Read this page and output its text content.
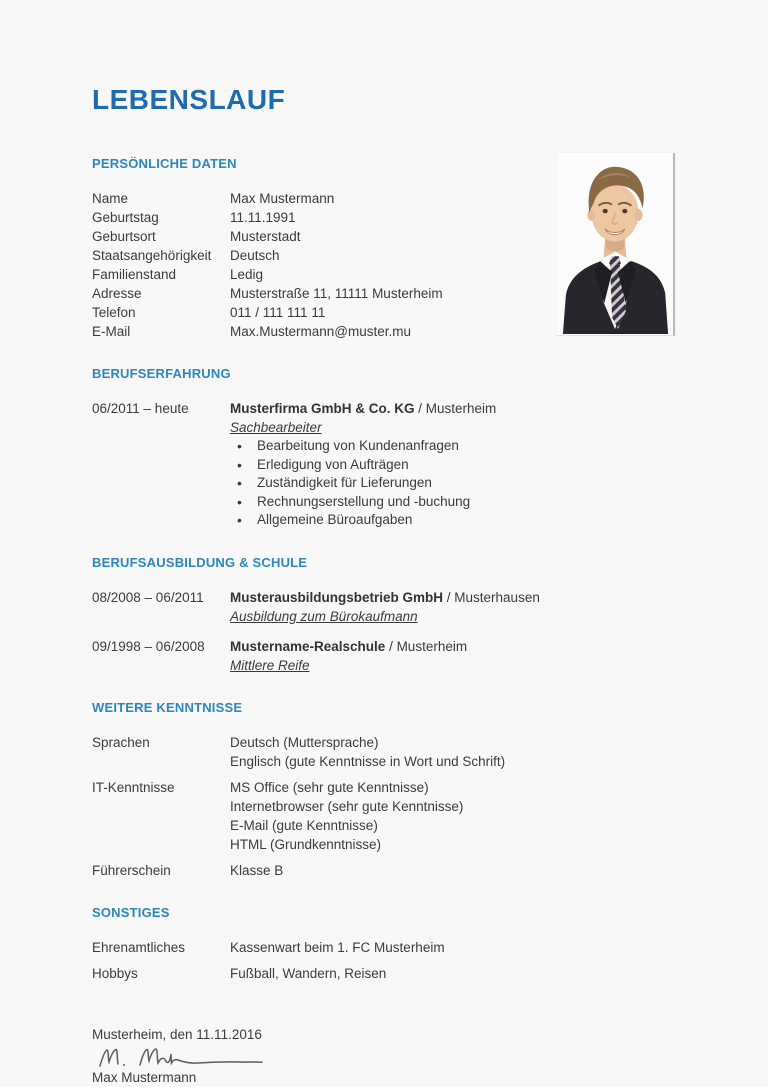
LEBENSLAUF
PERSÖNLICHE DATEN
Name	Max Mustermann
Geburtstag	11.11.1991
Geburtsort	Musterstadt
Staatsangehörigkeit	Deutsch
Familienstand	Ledig
Adresse	Musterstraße 11, 11111 Musterheim
Telefon	011 / 111 111 11
E-Mail	Max.Mustermann@muster.mu
BERUFSERFAHRUNG
06/2011 – heute	Musterfirma GmbH & Co. KG / Musterheim
Sachbearbeiter
• Bearbeitung von Kundenanfragen
• Erledigung von Aufträgen
• Zuständigkeit für Lieferungen
• Rechnungserstellung und -buchung
• Allgemeine Büroaufgaben
BERUFSAUSBILDUNG & SCHULE
08/2008 – 06/2011	Musterausbildungsbetrieb GmbH / Musterhausen
Ausbildung zum Bürokaufmann
09/1998 – 06/2008	Mustername-Realschule / Musterheim
Mittlere Reife
WEITERE KENNTNISSE
Sprachen	Deutsch (Muttersprache)
Englisch (gute Kenntnisse in Wort und Schrift)
IT-Kenntnisse	MS Office (sehr gute Kenntnisse)
Internetbrowser (sehr gute Kenntnisse)
E-Mail (gute Kenntnisse)
HTML (Grundkenntnisse)
Führerschein	Klasse B
SONSTIGES
Ehrenamtliches	Kassenwart beim 1. FC Musterheim
Hobbys	Fußball, Wandern, Reisen
Musterheim, den 11.11.2016
Max Mustermann
